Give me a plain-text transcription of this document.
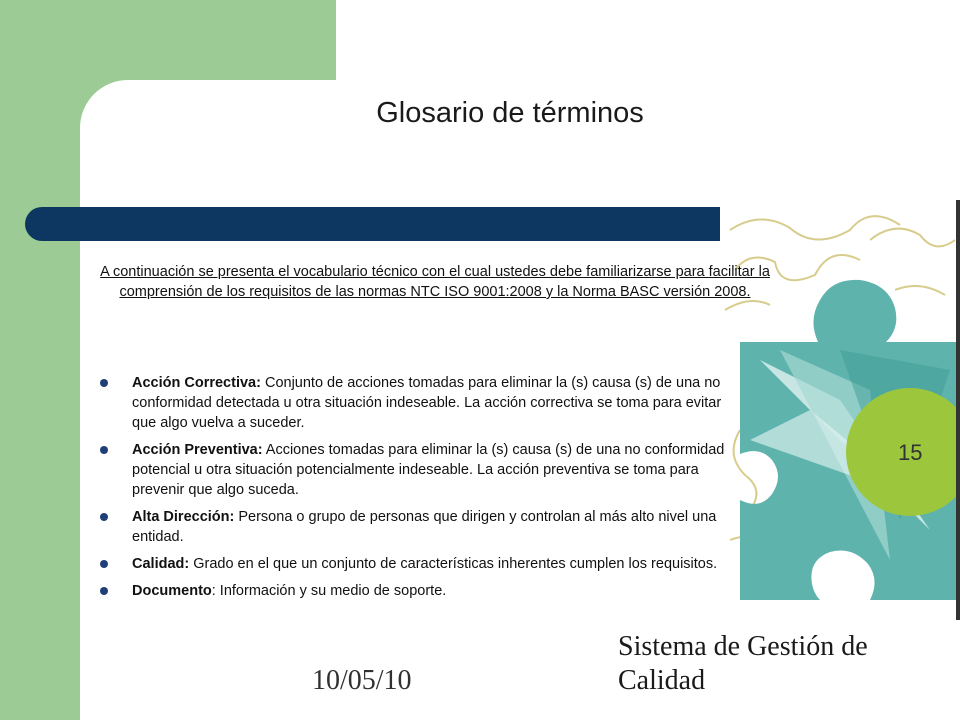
Glosario de términos
15
A continuación se presenta el vocabulario técnico con el cual ustedes debe familiarizarse para facilitar la comprensión de los requisitos de las normas NTC ISO 9001:2008 y la Norma BASC versión 2008.
Acción Correctiva: Conjunto de acciones tomadas para eliminar la (s) causa (s) de una no conformidad detectada u otra situación indeseable. La acción correctiva se toma para evitar que algo vuelva a suceder.
Acción Preventiva: Acciones tomadas para eliminar la (s) causa (s) de una no conformidad potencial u otra situación potencialmente indeseable. La acción preventiva se toma para prevenir que algo suceda.
Alta Dirección: Persona o grupo de personas que dirigen y controlan al más alto nivel una entidad.
Calidad: Grado en el que un conjunto de características inherentes cumplen los requisitos.
Documento: Información y su medio de soporte.
Sistema de Gestión de Calidad
10/05/10
